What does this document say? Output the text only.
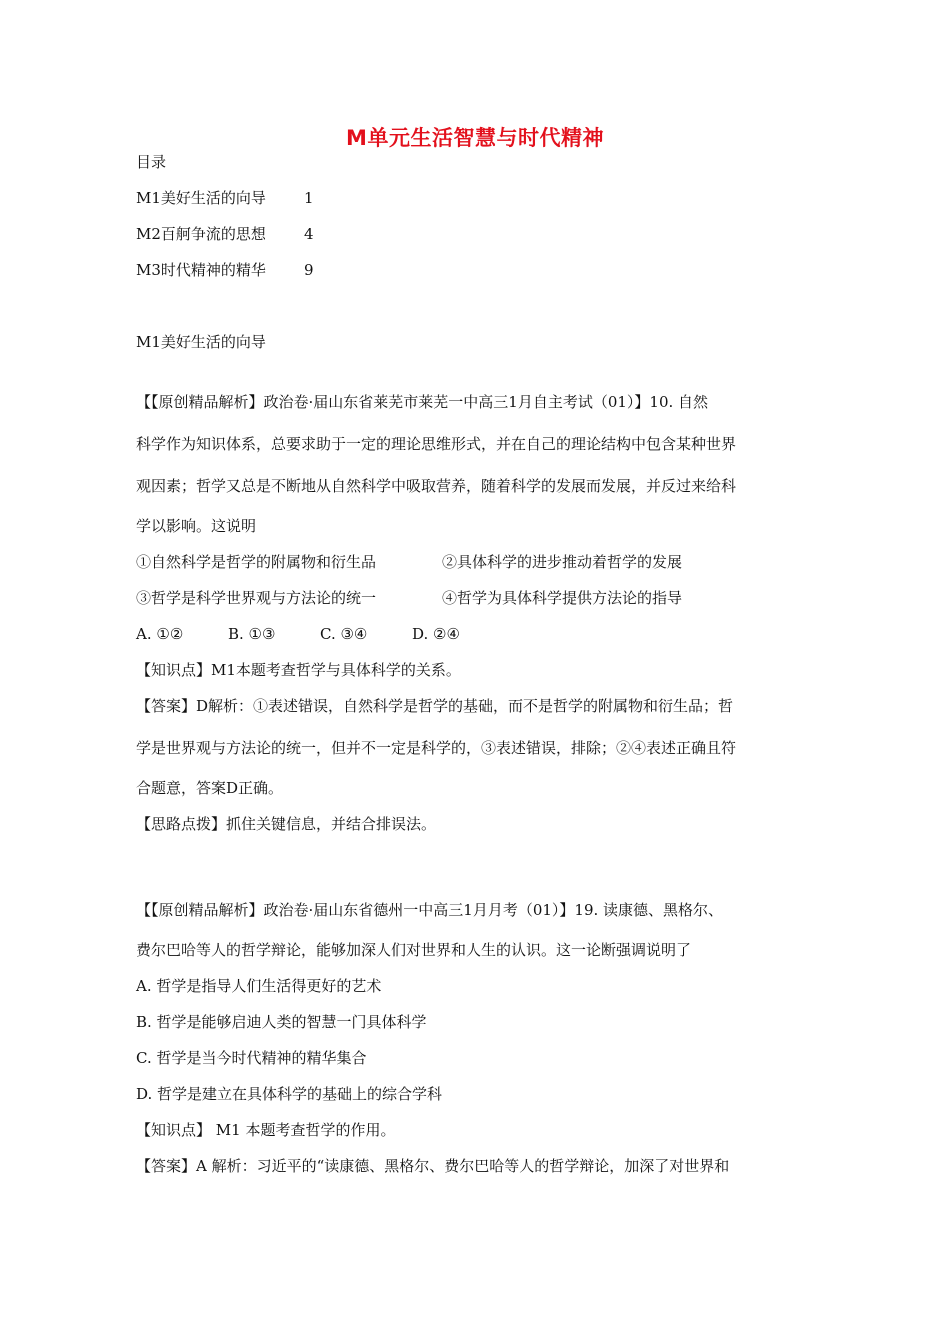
M单元生活智慧与时代精神
目录
M1美好生活的向导	1
M2百舸争流的思想	4
M3时代精神的精华	9
M1美好生活的向导
【【原创精品解析】政治卷·届山东省莱芜市莱芜一中高三1月自主考试（01）】10. 自然
科学作为知识体系，总要求助于一定的理论思维形式，并在自己的理论结构中包含某种世界
观因素；哲学又总是不断地从自然科学中吸取营养，随着科学的发展而发展，并反过来给科
学以影响。这说明
①自然科学是哲学的附属物和衍生品	②具体科学的进步推动着哲学的发展
③哲学是科学世界观与方法论的统一	④哲学为具体科学提供方法论的指导
A. ①②	B. ①③	C. ③④	D. ②④
【知识点】M1本题考查哲学与具体科学的关系。
【答案】D解析：①表述错误，自然科学是哲学的基础，而不是哲学的附属物和衍生品；哲
学是世界观与方法论的统一，但并不一定是科学的，③表述错误，排除；②④表述正确且符
合题意，答案D正确。
【思路点拨】抓住关键信息，并结合排误法。
【【原创精品解析】政治卷·届山东省德州一中高三1月月考（01）】19. 读康德、黑格尔、
费尔巴哈等人的哲学辩论，能够加深人们对世界和人生的认识。这一论断强调说明了
A. 哲学是指导人们生活得更好的艺术
B. 哲学是能够启迪人类的智慧一门具体科学
C. 哲学是当今时代精神的精华集合
D. 哲学是建立在具体科学的基础上的综合学科
【知识点】 M1 本题考查哲学的作用。
【答案】A 解析：习近平的“读康德、黑格尔、费尔巴哈等人的哲学辩论，加深了对世界和
